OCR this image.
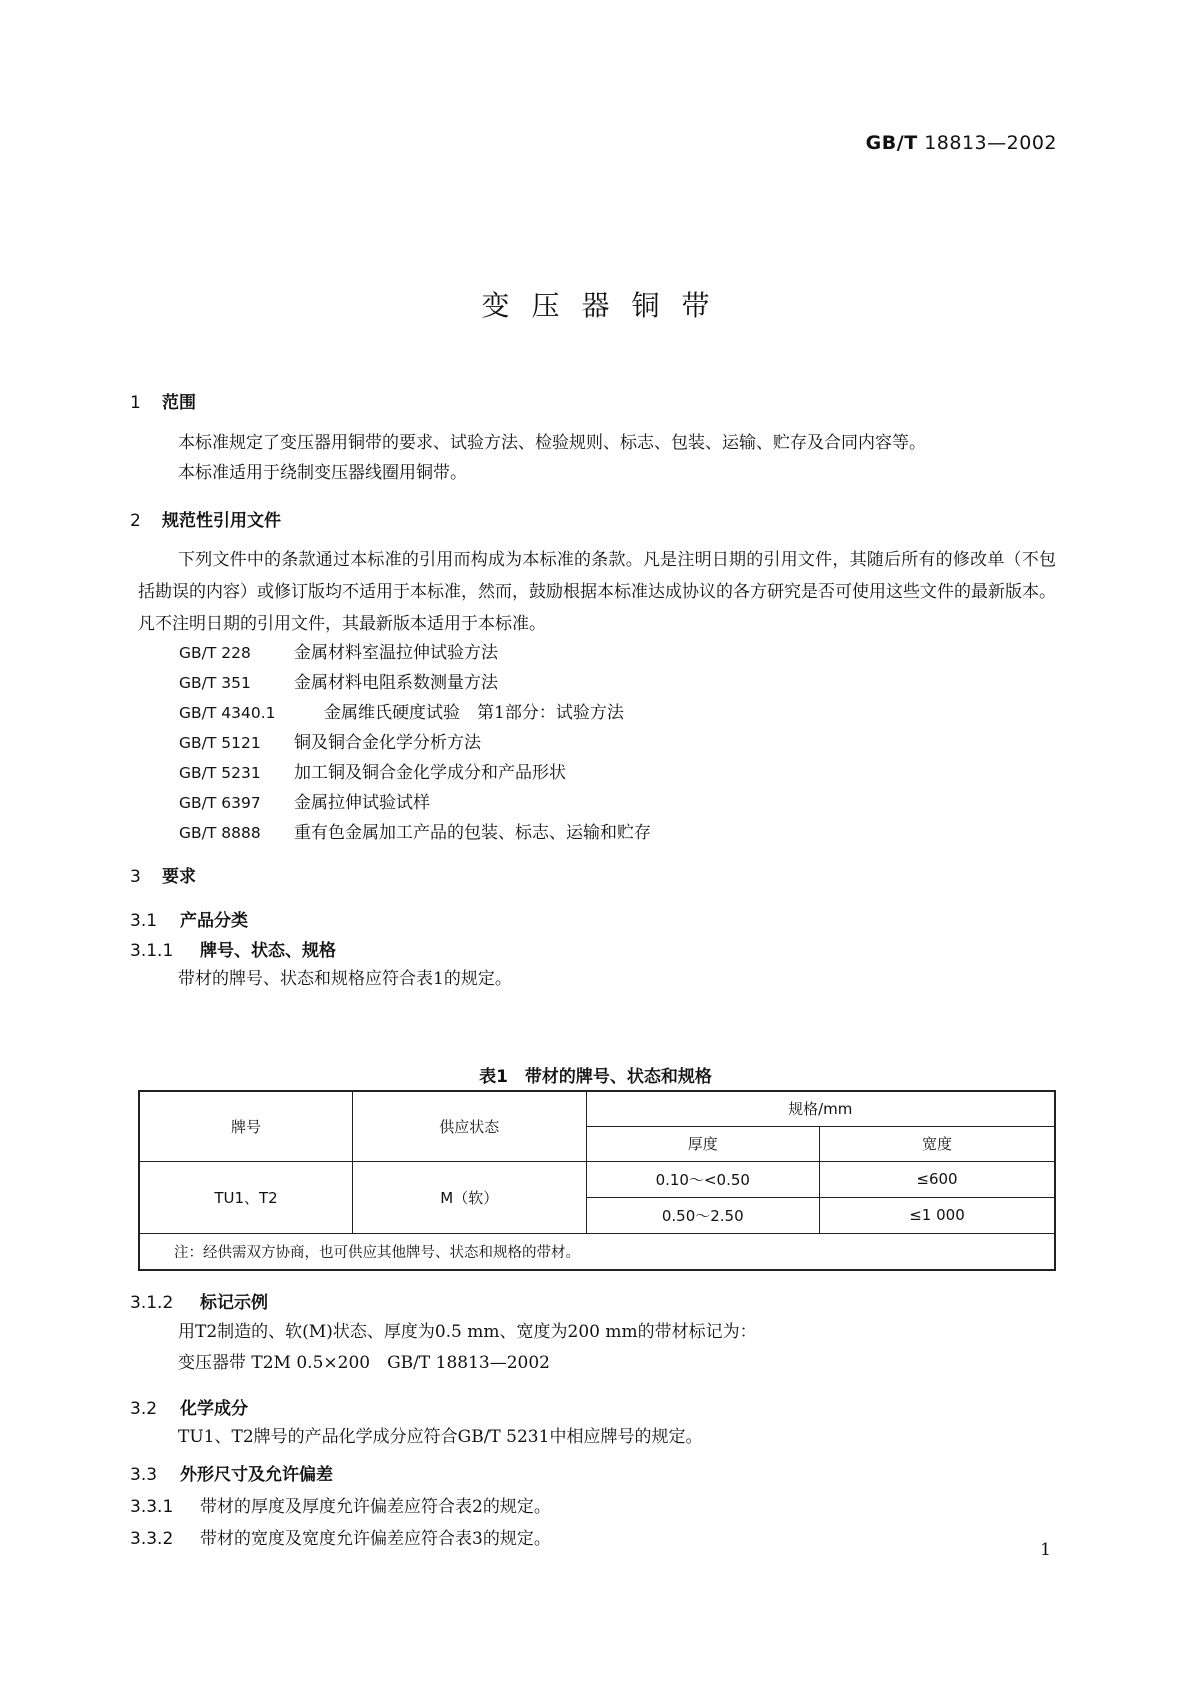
GB/T 18813—2002
变压器铜带
1 范围
本标准规定了变压器用铜带的要求、试验方法、检验规则、标志、包装、运输、贮存及合同内容等。
本标准适用于绕制变压器线圈用铜带。
2 规范性引用文件
下列文件中的条款通过本标准的引用而构成为本标准的条款。凡是注明日期的引用文件，其随后所有的修改单（不包括勘误的内容）或修订版均不适用于本标准，然而，鼓励根据本标准达成协议的各方研究是否可使用这些文件的最新版本。凡不注明日期的引用文件，其最新版本适用于本标准。
GB/T 228	金属材料室温拉伸试验方法
GB/T 351	金属材料电阻系数测量方法
GB/T 4340.1	金属维氏硬度试验　第1部分：试验方法
GB/T 5121 铜及铜合金化学分析方法
GB/T 5231 加工铜及铜合金化学成分和产品形状
GB/T 6397 金属拉伸试验试样
GB/T 8888 重有色金属加工产品的包装、标志、运输和贮存
3 要求
3.1 产品分类
3.1.1 牌号、状态、规格
带材的牌号、状态和规格应符合表1的规定。
表1　带材的牌号、状态和规格
牌号	供应状态	规格/mm	
		厚度	宽度
TU1、T2	M（软）	0.10～<0.50	≤600
		0.50～2.50	≤1 000
注：经供需双方协商，也可供应其他牌号、状态和规格的带材。			
3.1.2 标记示例
用T2制造的、软(M)状态、厚度为0.5 mm、宽度为200 mm的带材标记为：
变压器带 T2M 0.5×200　GB/T 18813—2002
3.2 化学成分
TU1、T2牌号的产品化学成分应符合GB/T 5231中相应牌号的规定。
3.3 外形尺寸及允许偏差
3.3.1 带材的厚度及厚度允许偏差应符合表2的规定。
3.3.2 带材的宽度及宽度允许偏差应符合表3的规定。
1
